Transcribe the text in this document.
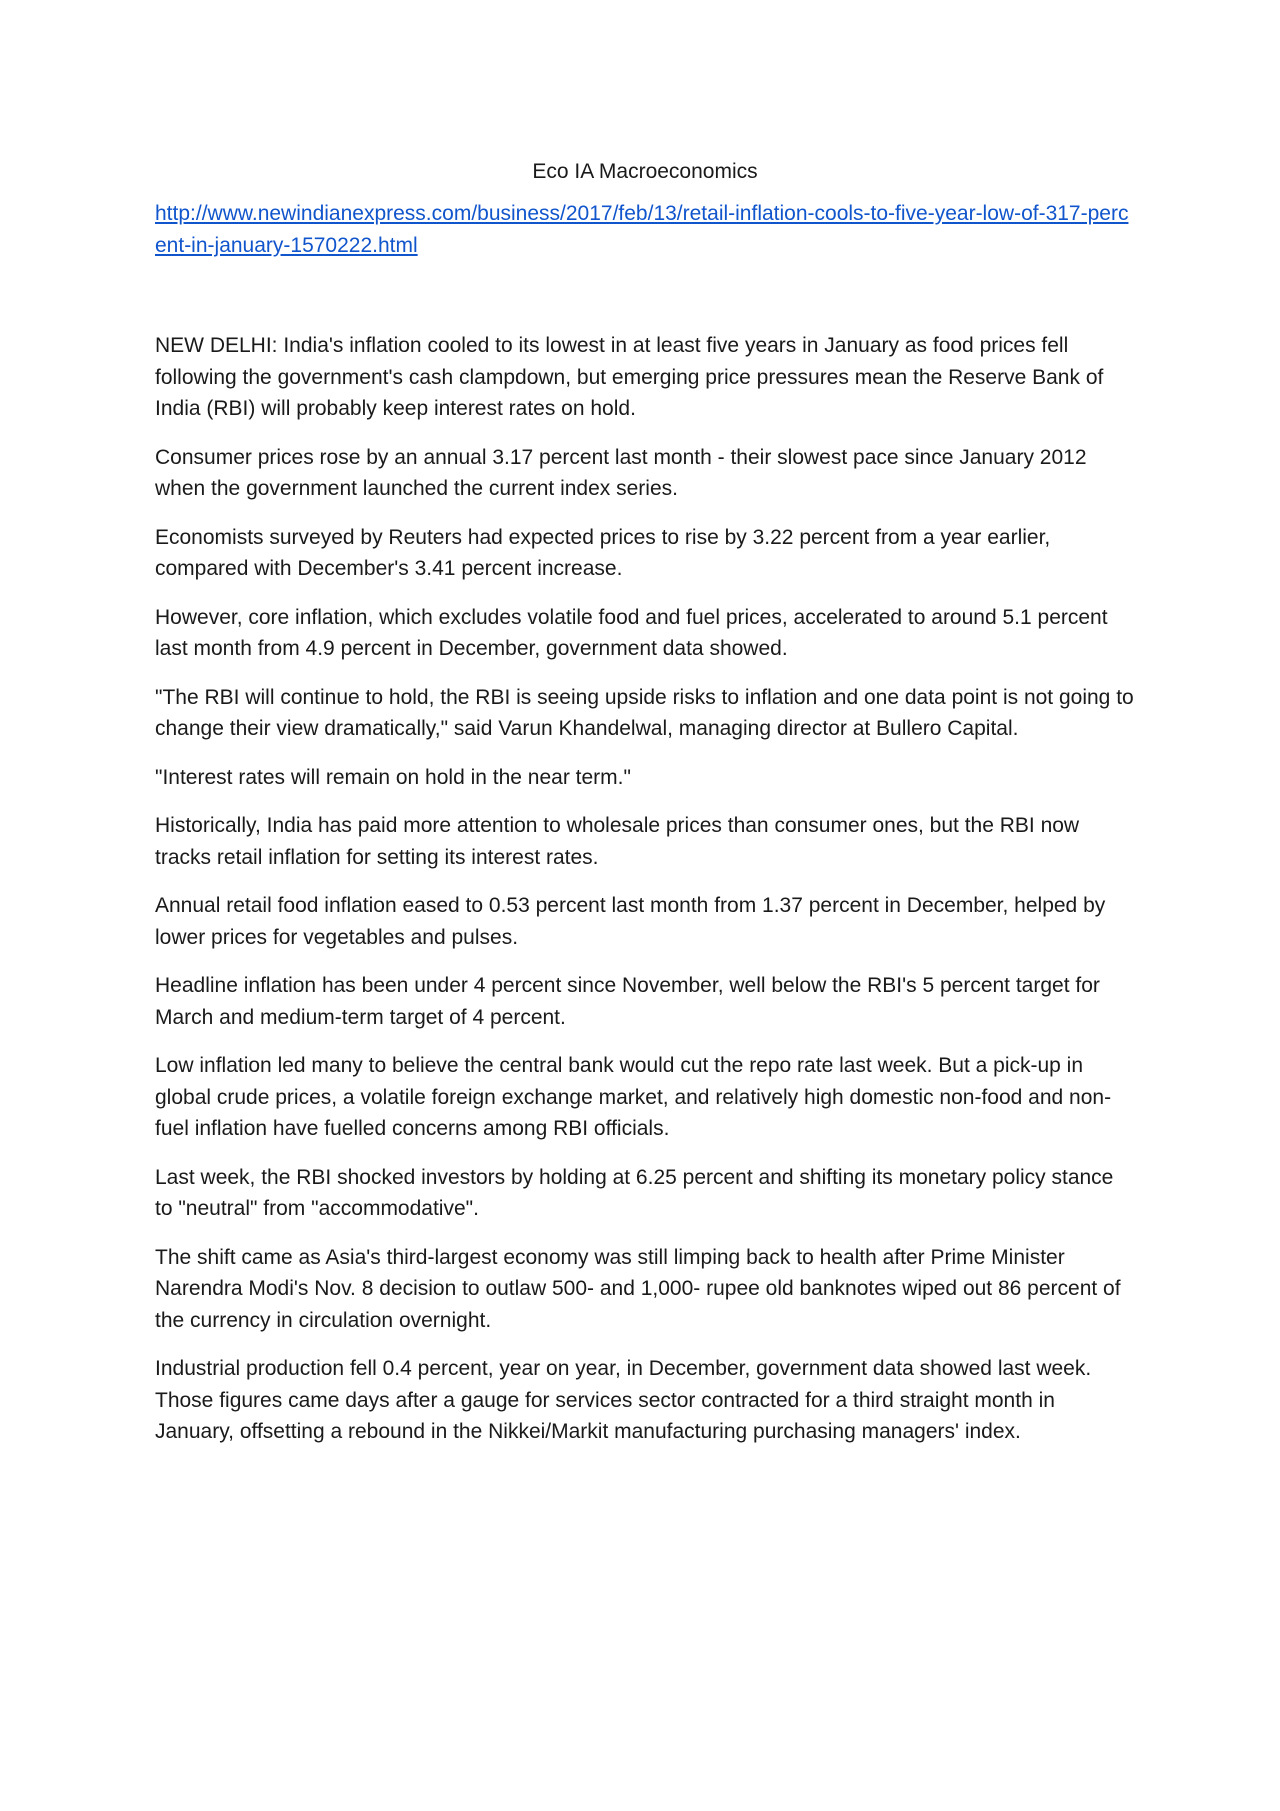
Eco IA Macroeconomics
http://www.newindianexpress.com/business/2017/feb/13/retail-inflation-cools-to-five-year-low-of-317-percent-in-january-1570222.html

NEW DELHI: India's inflation cooled to its lowest in at least five years in January as food prices fell following the government's cash clampdown, but emerging price pressures mean the Reserve Bank of India (RBI) will probably keep interest rates on hold.

Consumer prices rose by an annual 3.17 percent last month - their slowest pace since January 2012 when the government launched the current index series.

Economists surveyed by Reuters had expected prices to rise by 3.22 percent from a year earlier, compared with December's 3.41 percent increase.

However, core inflation, which excludes volatile food and fuel prices, accelerated to around 5.1 percent last month from 4.9 percent in December, government data showed.

"The RBI will continue to hold, the RBI is seeing upside risks to inflation and one data point is not going to change their view dramatically," said Varun Khandelwal, managing director at Bullero Capital.

"Interest rates will remain on hold in the near term."

Historically, India has paid more attention to wholesale prices than consumer ones, but the RBI now tracks retail inflation for setting its interest rates.

Annual retail food inflation eased to 0.53 percent last month from 1.37 percent in December, helped by lower prices for vegetables and pulses.

Headline inflation has been under 4 percent since November, well below the RBI's 5 percent target for March and medium-term target of 4 percent.

Low inflation led many to believe the central bank would cut the repo rate last week. But a pick-up in global crude prices, a volatile foreign exchange market, and relatively high domestic non-food and non-fuel inflation have fuelled concerns among RBI officials.

Last week, the RBI shocked investors by holding at 6.25 percent and shifting its monetary policy stance to "neutral" from "accommodative".

The shift came as Asia's third-largest economy was still limping back to health after Prime Minister Narendra Modi's Nov. 8 decision to outlaw 500- and 1,000- rupee old banknotes wiped out 86 percent of the currency in circulation overnight.

Industrial production fell 0.4 percent, year on year, in December, government data showed last week. Those figures came days after a gauge for services sector contracted for a third straight month in January, offsetting a rebound in the Nikkei/Markit manufacturing purchasing managers' index.
